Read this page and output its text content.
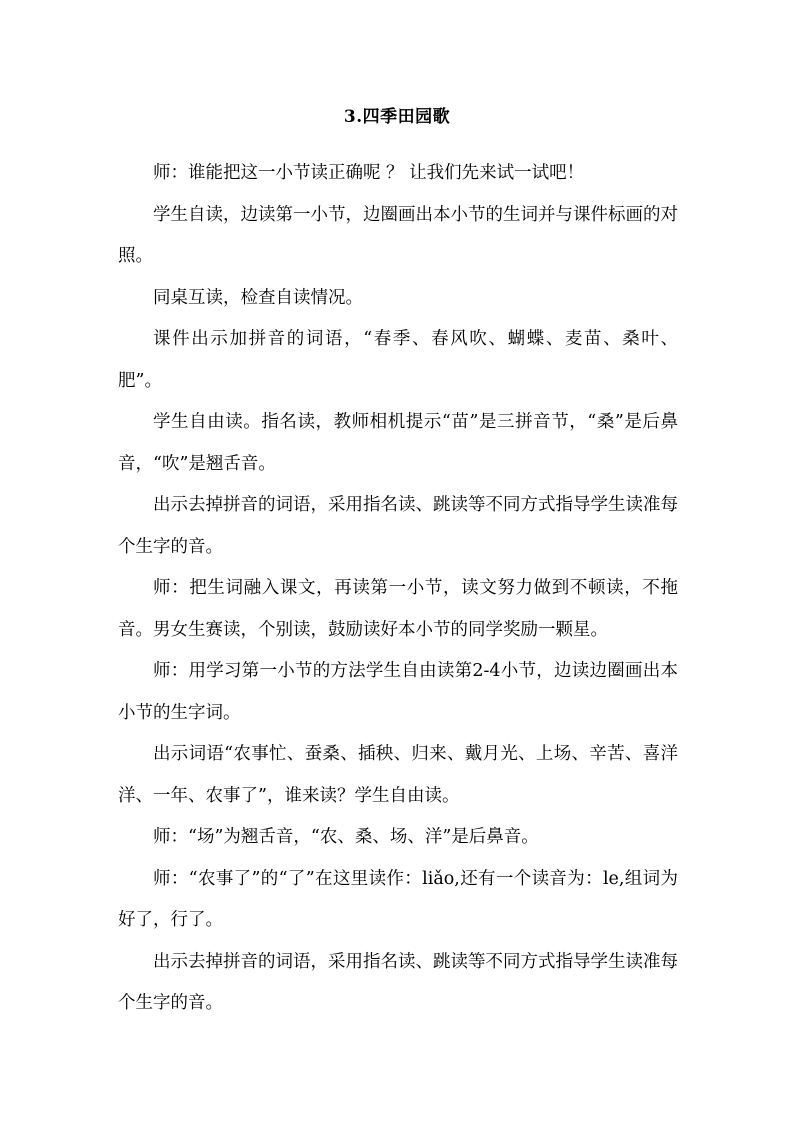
3.四季田园歌

师：谁能把这一小节读正确呢 ？ 让我们先来试一试吧！

学生自读，边读第一小节，边圈画出本小节的生词并与课件标画的对照。

同桌互读，检查自读情况。

课件出示加拼音的词语，“春季、春风吹、蝴蝶、麦苗、桑叶、肥”。

学生自由读。指名读，教师相机提示“苗”是三拼音节，“桑”是后鼻音，“吹”是翘舌音。

出示去掉拼音的词语，采用指名读、跳读等不同方式指导学生读准每个生字的音。

师：把生词融入课文，再读第一小节，读文努力做到不顿读，不拖音。男女生赛读，个别读，鼓励读好本小节的同学奖励一颗星。

师：用学习第一小节的方法学生自由读第2-4小节，边读边圈画出本小节的生字词。

出示词语“农事忙、蚕桑、插秧、归来、戴月光、上场、辛苦、喜洋洋、一年、农事了”，谁来读？学生自由读。

师：“场”为翘舌音，“农、桑、场、洋”是后鼻音。

师：“农事了”的“了”在这里读作：liǎo,还有一个读音为：le,组词为好了，行了。

出示去掉拼音的词语，采用指名读、跳读等不同方式指导学生读准每个生字的音。
